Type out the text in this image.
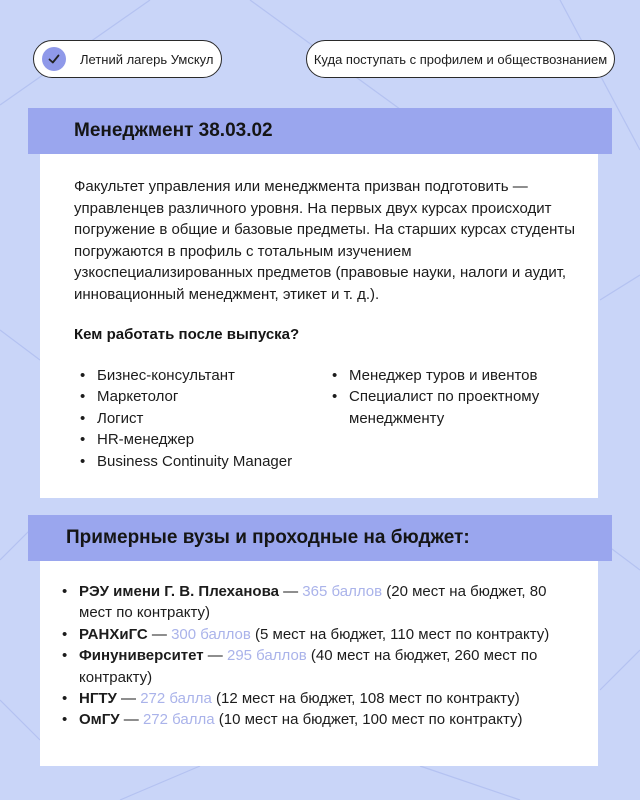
Летний лагерь Умскул	Куда поступать с профилем и обществознанием
Менеджмент 38.03.02

Факультет управления или менеджмента призван подготовить — управленцев различного уровня. На первых двух курсах происходит погружение в общие и базовые предметы. На старших курсах студенты погружаются в профиль с тотальным изучением узкоспециализированных предметов (правовые науки, налоги и аудит, инновационный менеджмент, этикет и т. д.).

Кем работать после выпуска?

• Бизнес-консультант
• Маркетолог
• Логист
• HR-менеджер
• Business Continuity Manager
• Менеджер туров и ивентов
• Специалист по проектному менеджменту
Примерные вузы и проходные на бюджет:
• РЭУ имени Г. В. Плеханова — 365 баллов (20 мест на бюджет, 80 мест по контракту)
• РАНХиГС — 300 баллов (5 мест на бюджет, 110 мест по контракту)
• Финуниверситет — 295 баллов (40 мест на бюджет, 260 мест по контракту)
• НГТУ — 272 балла (12 мест на бюджет, 108 мест по контракту)
• ОмГУ — 272 балла (10 мест на бюджет, 100 мест по контракту)
